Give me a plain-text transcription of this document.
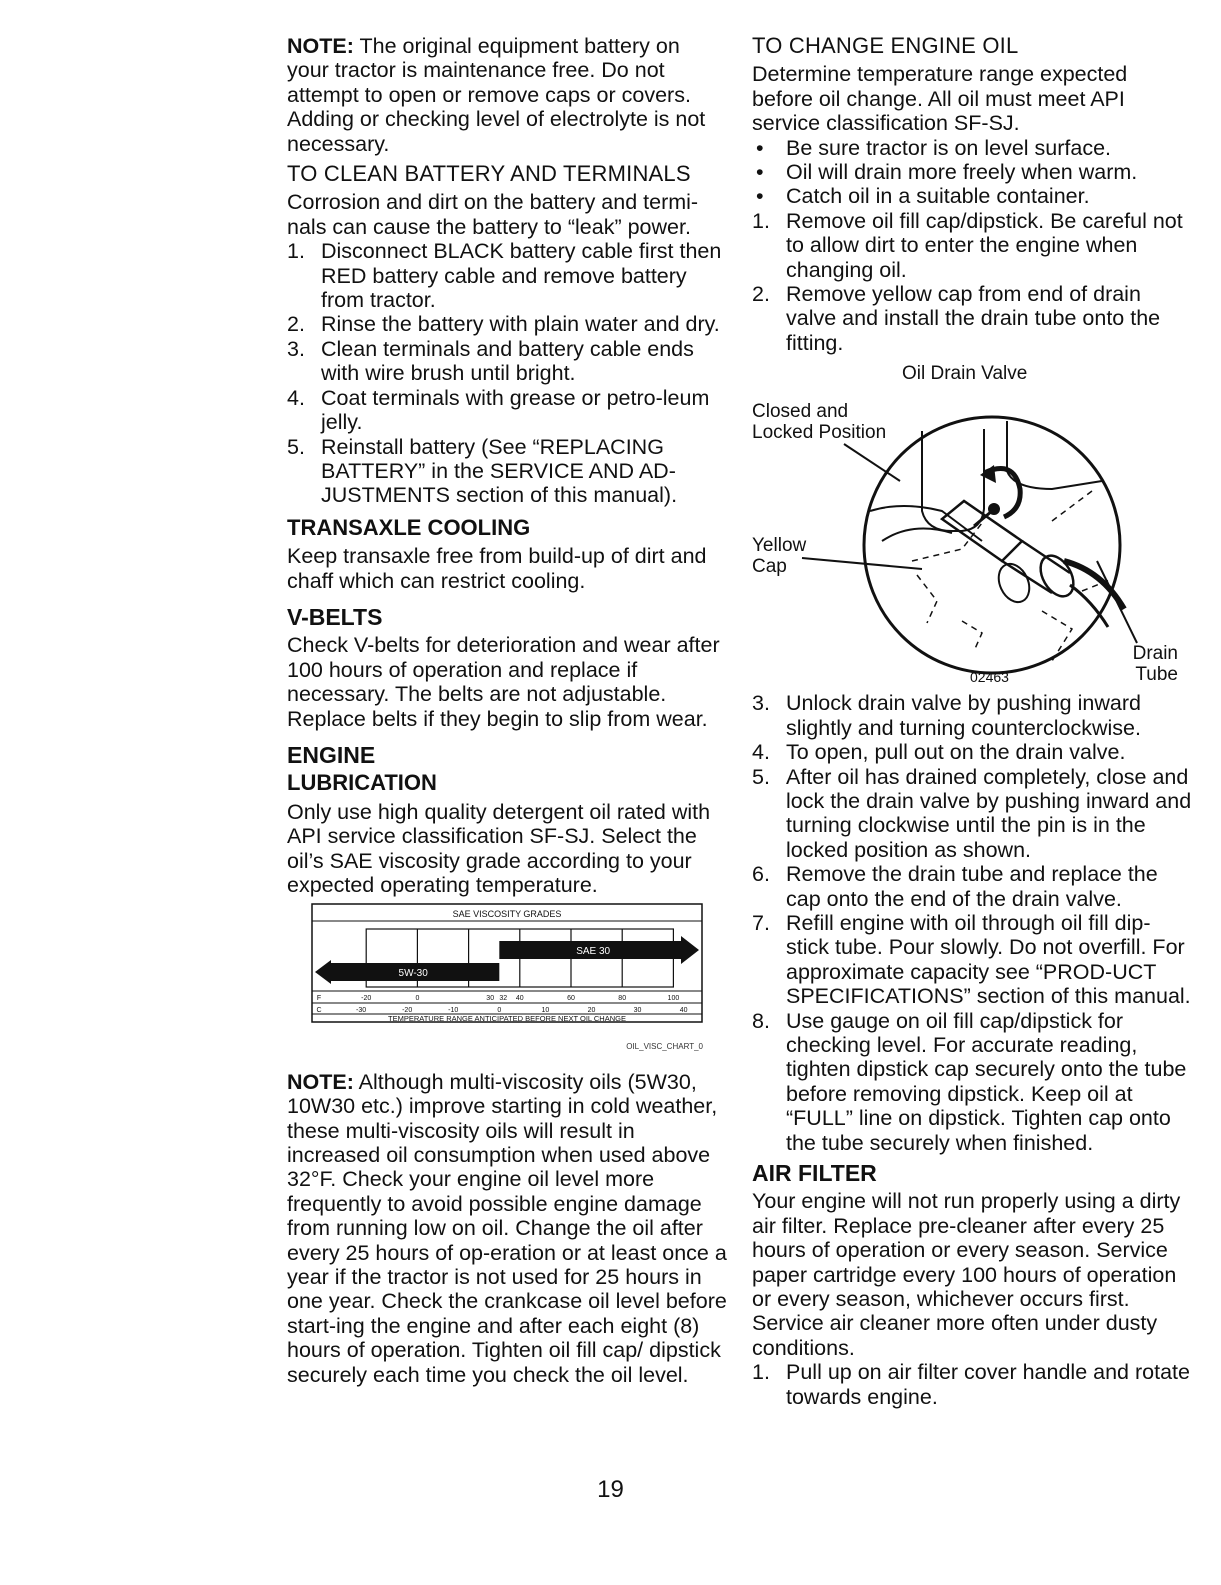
NOTE: The original equipment battery on your tractor is maintenance free. Do not attempt to open or remove caps or covers. Adding or checking level of electrolyte is not necessary.

TO CLEAN BATTERY AND TERMINALS

Corrosion and dirt on the battery and termi-nals can cause the battery to “leak” power.

1. Disconnect BLACK battery cable first then RED battery cable and remove battery from tractor.
2. Rinse the battery with plain water and dry.
3. Clean terminals and battery cable ends with wire brush until bright.
4. Coat terminals with grease or petro-leum jelly.
5. Reinstall battery (See “REPLACING BATTERY” in the SERVICE AND AD-JUSTMENTS section of this manual).
TRANSAXLE COOLING

Keep transaxle free from build-up of dirt and chaff which can restrict cooling.

V-BELTS

Check V-belts for deterioration and wear after 100 hours of operation and replace if necessary. The belts are not adjustable. Replace belts if they begin to slip from wear.

ENGINE
LUBRICATION

Only use high quality detergent oil rated with API service classification SF-SJ. Select the oil’s SAE viscosity grade according to your expected operating temperature.

SAE VISCOSITY GRADES
5W-30
SAE 30
F	-20	0	30 32 40	60	80	100
C	-30	-20	-10	0	10	20	30	40
TEMPERATURE RANGE ANTICIPATED BEFORE NEXT OIL CHANGE
OIL_VISC_CHART_0

NOTE: Although multi-viscosity oils (5W30, 10W30 etc.) improve starting in cold weather, these multi-viscosity oils will result in increased oil consumption when used above 32°F. Check your engine oil level more frequently to avoid possible engine damage from running low on oil. Change the oil after every 25 hours of op-eration or at least once a year if the tractor is not used for 25 hours in one year. Check the crankcase oil level before start-ing the engine and after each eight (8) hours of operation. Tighten oil fill cap/ dipstick securely each time you check the oil level.

TO CHANGE ENGINE OIL

Determine temperature range expected before oil change. All oil must meet API service classification SF-SJ.

• Be sure tractor is on level surface.
• Oil will drain more freely when warm.
• Catch oil in a suitable container.
1. Remove oil fill cap/dipstick. Be careful not to allow dirt to enter the engine when changing oil.
2. Remove yellow cap from end of drain valve and install the drain tube onto the fitting.
Oil Drain Valve
Closed and Locked Position
Yellow Cap
Drain Tube
02463
3. Unlock drain valve by pushing inward slightly and turning counterclockwise.
4. To open, pull out on the drain valve.
5. After oil has drained completely, close and lock the drain valve by pushing inward and turning clockwise until the pin is in the locked position as shown.
6. Remove the drain tube and replace the cap onto the end of the drain valve.
7. Refill engine with oil through oil fill dip-stick tube. Pour slowly. Do not overfill. For approximate capacity see “PROD-UCT SPECIFICATIONS” section of this manual.
8. Use gauge on oil fill cap/dipstick for checking level. For accurate reading, tighten dipstick cap securely onto the tube before removing dipstick. Keep oil at “FULL” line on dipstick. Tighten cap onto the tube securely when finished.
AIR FILTER

Your engine will not run properly using a dirty air filter. Replace pre-cleaner after every 25 hours of operation or every season. Service paper cartridge every 100 hours of operation or every season, whichever occurs first.

Service air cleaner more often under dusty conditions.

1. Pull up on air filter cover handle and rotate towards engine.
19
